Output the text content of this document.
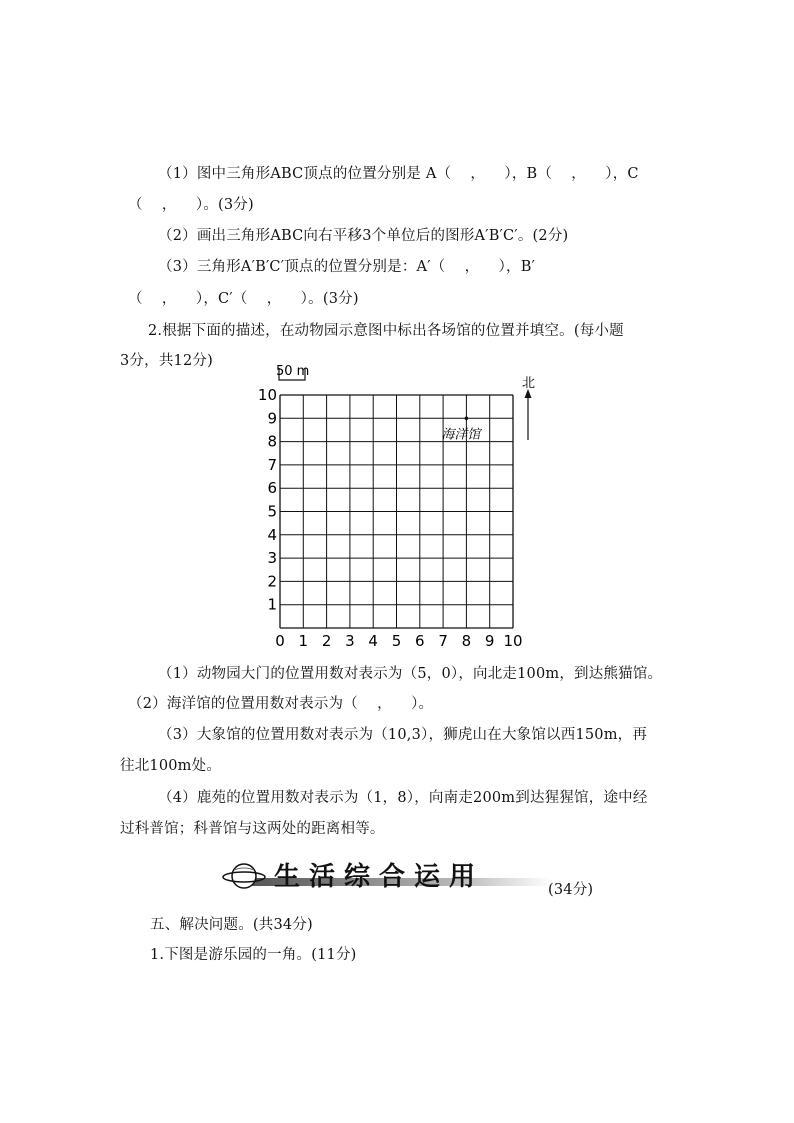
（1）图中三角形ABC顶点的位置分别是 A（    ，    ），B（    ，    ），C
（    ，    ）。(3分)
（2）画出三角形ABC向右平移3个单位后的图形A′B′C′。(2分)
（3）三角形A′B′C′顶点的位置分别是：A′（    ，    ），B′
（    ，    ），C′（    ，    ）。(3分)
2.根据下面的描述，在动物园示意图中标出各场馆的位置并填空。(每小题
3分，共12分)
0 1 2 3 4 5 6 7 8 9 10
1
2
3
4
5
6
7
8
9
10
50 m
北
海洋馆
（1）动物园大门的位置用数对表示为（5，0），向北走100m，到达熊猫馆。
（2）海洋馆的位置用数对表示为（    ，    ）。
（3）大象馆的位置用数对表示为（10,3），狮虎山在大象馆以西150m，再
往北100m处。
（4）鹿苑的位置用数对表示为（1，8），向南走200m到达猩猩馆，途中经
过科普馆；科普馆与这两处的距离相等。
生活综合运用	(34分)
五、解决问题。(共34分)
1.下图是游乐园的一角。(11分)
